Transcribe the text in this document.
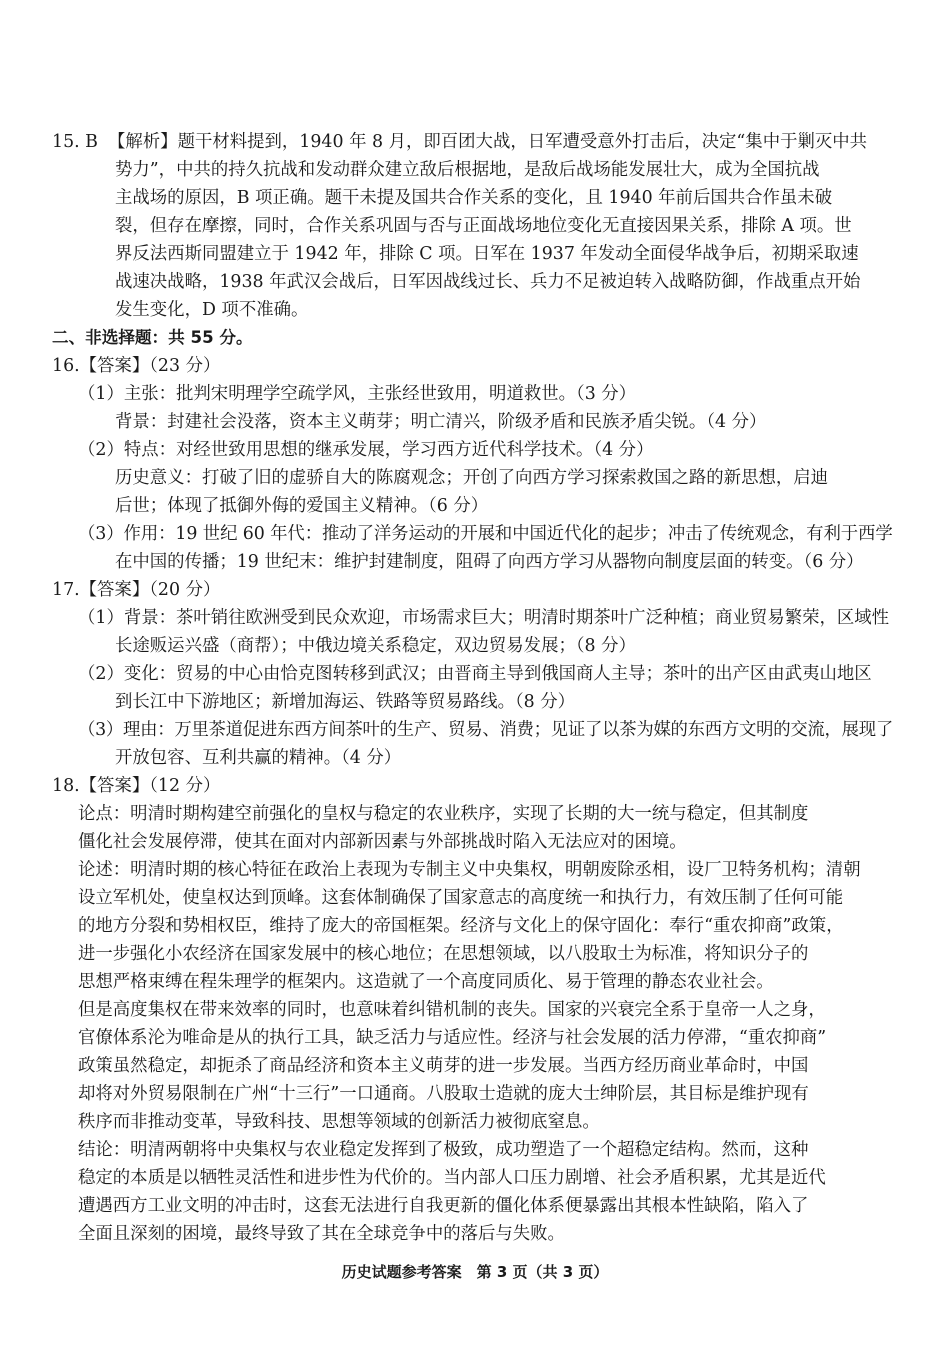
15. B 【解析】题干材料提到，1940 年 8 月，即百团大战，日军遭受意外打击后，决定“集中于剿灭中共
势力”，中共的持久抗战和发动群众建立敌后根据地，是敌后战场能发展壮大，成为全国抗战
主战场的原因，B 项正确。题干未提及国共合作关系的变化，且 1940 年前后国共合作虽未破
裂，但存在摩擦，同时，合作关系巩固与否与正面战场地位变化无直接因果关系，排除 A 项。世
界反法西斯同盟建立于 1942 年，排除 C 项。日军在 1937 年发动全面侵华战争后，初期采取速
战速决战略，1938 年武汉会战后，日军因战线过长、兵力不足被迫转入战略防御，作战重点开始
发生变化，D 项不准确。
二、非选择题：共 55 分。
16.【答案】（23 分）
（1）主张：批判宋明理学空疏学风，主张经世致用，明道救世。（3 分）
背景：封建社会没落，资本主义萌芽；明亡清兴，阶级矛盾和民族矛盾尖锐。（4 分）
（2）特点：对经世致用思想的继承发展，学习西方近代科学技术。（4 分）
历史意义：打破了旧的虚骄自大的陈腐观念；开创了向西方学习探索救国之路的新思想，启迪
后世；体现了抵御外侮的爱国主义精神。（6 分）
（3）作用：19 世纪 60 年代：推动了洋务运动的开展和中国近代化的起步；冲击了传统观念，有利于西学
在中国的传播；19 世纪末：维护封建制度，阻碍了向西方学习从器物向制度层面的转变。（6 分）
17.【答案】（20 分）
（1）背景：茶叶销往欧洲受到民众欢迎，市场需求巨大；明清时期茶叶广泛种植；商业贸易繁荣，区域性
长途贩运兴盛（商帮）；中俄边境关系稳定，双边贸易发展；（8 分）
（2）变化：贸易的中心由恰克图转移到武汉；由晋商主导到俄国商人主导；茶叶的出产区由武夷山地区
到长江中下游地区；新增加海运、铁路等贸易路线。（8 分）
（3）理由：万里茶道促进东西方间茶叶的生产、贸易、消费；见证了以茶为媒的东西方文明的交流，展现了
开放包容、互利共赢的精神。（4 分）
18.【答案】（12 分）
论点：明清时期构建空前强化的皇权与稳定的农业秩序，实现了长期的大一统与稳定，但其制度
僵化社会发展停滞，使其在面对内部新因素与外部挑战时陷入无法应对的困境。
论述：明清时期的核心特征在政治上表现为专制主义中央集权，明朝废除丞相，设厂卫特务机构；清朝
设立军机处，使皇权达到顶峰。这套体制确保了国家意志的高度统一和执行力，有效压制了任何可能
的地方分裂和势相权臣，维持了庞大的帝国框架。经济与文化上的保守固化：奉行“重农抑商”政策，
进一步强化小农经济在国家发展中的核心地位；在思想领域，以八股取士为标准，将知识分子的
思想严格束缚在程朱理学的框架内。这造就了一个高度同质化、易于管理的静态农业社会。
但是高度集权在带来效率的同时，也意味着纠错机制的丧失。国家的兴衰完全系于皇帝一人之身，
官僚体系沦为唯命是从的执行工具，缺乏活力与适应性。经济与社会发展的活力停滞，“重农抑商”
政策虽然稳定，却扼杀了商品经济和资本主义萌芽的进一步发展。当西方经历商业革命时，中国
却将对外贸易限制在广州“十三行”一口通商。八股取士造就的庞大士绅阶层，其目标是维护现有
秩序而非推动变革，导致科技、思想等领域的创新活力被彻底窒息。
结论：明清两朝将中央集权与农业稳定发挥到了极致，成功塑造了一个超稳定结构。然而，这种
稳定的本质是以牺牲灵活性和进步性为代价的。当内部人口压力剧增、社会矛盾积累，尤其是近代
遭遇西方工业文明的冲击时，这套无法进行自我更新的僵化体系便暴露出其根本性缺陷，陷入了
全面且深刻的困境，最终导致了其在全球竞争中的落后与失败。
历史试题参考答案　第 3 页（共 3 页）
